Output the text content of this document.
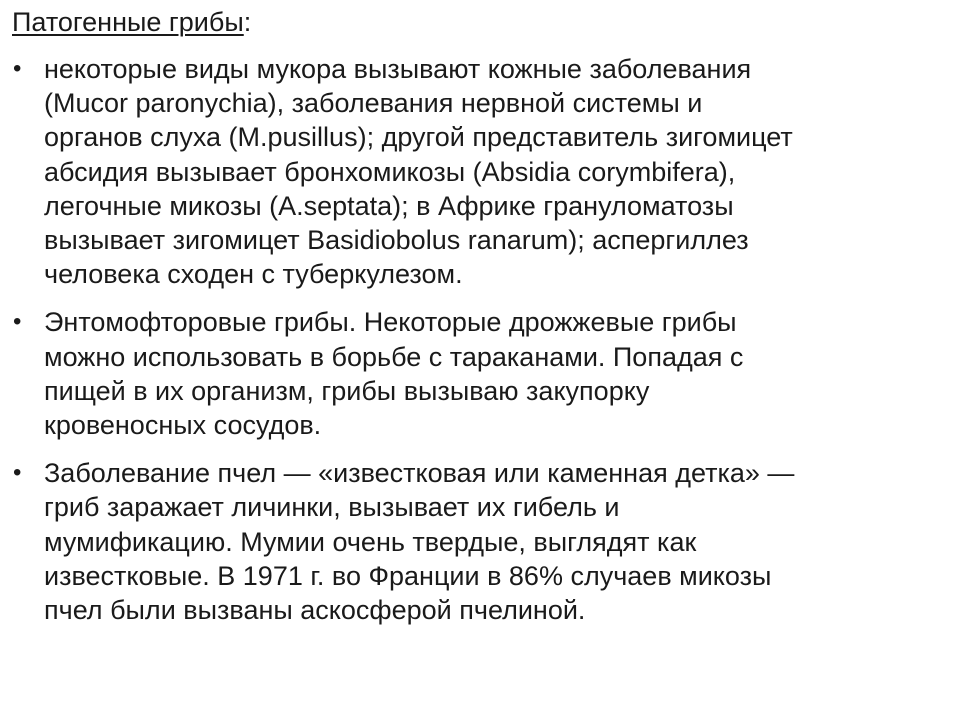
Патогенные грибы:
• некоторые виды мукора вызывают кожные заболевания
(Mucor paronychia), заболевания нервной системы и
органов слуха (M.pusillus); другой представитель зигомицет
абсидия вызывает бронхомикозы (Absidia corymbifera),
легочные микозы (A.septata); в Африке грануломатозы
вызывает зигомицет Basidiobolus ranarum); аспергиллез
человека сходен с туберкулезом.
• Энтомофторовые грибы. Некоторые дрожжевые грибы
можно использовать в борьбе с тараканами. Попадая с
пищей в их организм, грибы вызываю закупорку
кровеносных сосудов.
• Заболевание пчел — «известковая или каменная детка» —
гриб заражает личинки, вызывает их гибель и
мумификацию. Мумии очень твердые, выглядят как
известковые. В 1971 г. во Франции в 86% случаев микозы
пчел были вызваны аскосферой пчелиной.
